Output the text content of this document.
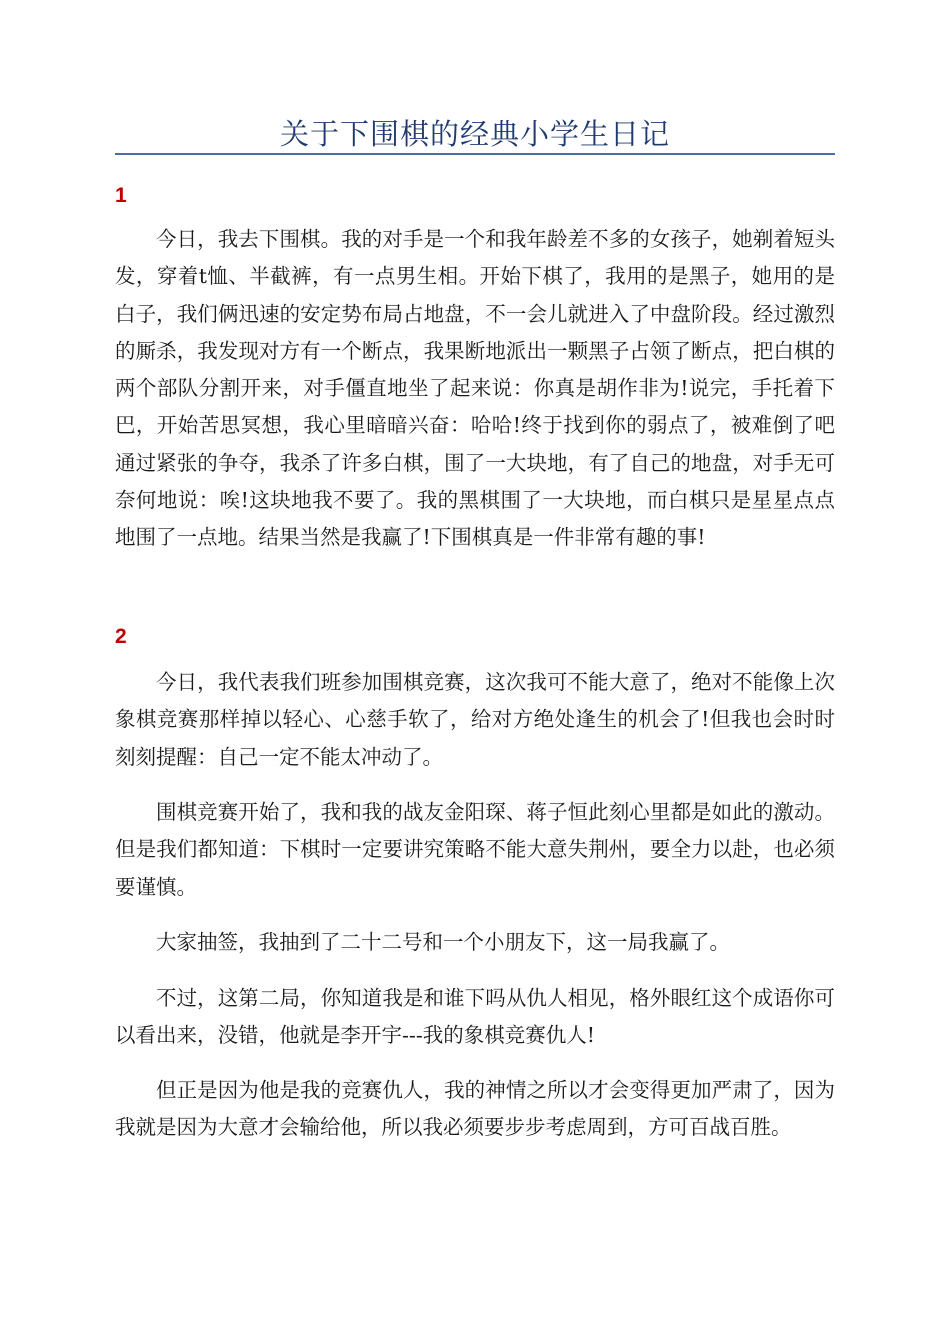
关于下围棋的经典小学生日记
1

今日，我去下围棋。我的对手是一个和我年龄差不多的女孩子，她剃着短头发，穿着t恤、半截裤，有一点男生相。开始下棋了，我用的是黑子，她用的是白子，我们俩迅速的安定势布局占地盘，不一会儿就进入了中盘阶段。经过激烈的厮杀，我发现对方有一个断点，我果断地派出一颗黑子占领了断点，把白棋的两个部队分割开来，对手僵直地坐了起来说：你真是胡作非为!说完，手托着下巴，开始苦思冥想，我心里暗暗兴奋：哈哈!终于找到你的弱点了，被难倒了吧通过紧张的争夺，我杀了许多白棋，围了一大块地，有了自己的地盘，对手无可奈何地说：唉!这块地我不要了。我的黑棋围了一大块地，而白棋只是星星点点地围了一点地。结果当然是我赢了!下围棋真是一件非常有趣的事!

2

今日，我代表我们班参加围棋竞赛，这次我可不能大意了，绝对不能像上次象棋竞赛那样掉以轻心、心慈手软了，给对方绝处逢生的机会了!但我也会时时刻刻提醒：自己一定不能太冲动了。

围棋竞赛开始了，我和我的战友金阳琛、蒋子恒此刻心里都是如此的激动。但是我们都知道：下棋时一定要讲究策略不能大意失荆州，要全力以赴，也必须要谨慎。

大家抽签，我抽到了二十二号和一个小朋友下，这一局我赢了。

不过，这第二局，你知道我是和谁下吗从仇人相见，格外眼红这个成语你可以看出来，没错，他就是李开宇---我的象棋竞赛仇人!

但正是因为他是我的竞赛仇人，我的神情之所以才会变得更加严肃了，因为我就是因为大意才会输给他，所以我必须要步步考虑周到，方可百战百胜。
